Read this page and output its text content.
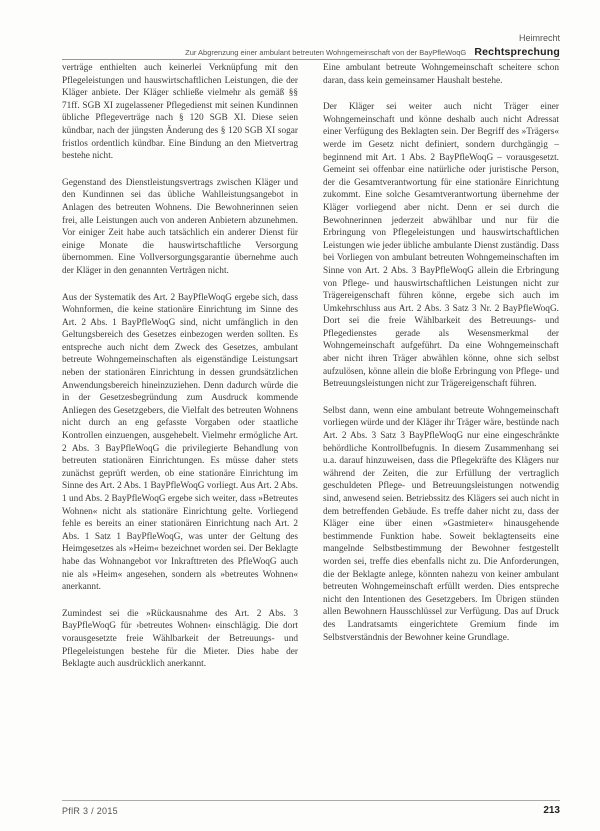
Heimrecht
Zur Abgrenzung einer ambulant betreuten Wohngemeinschaft von der BayPfleWoqG Rechtsprechung

verträge enthielten auch keinerlei Verknüpfung mit den Pflegeleistungen und hauswirtschaftlichen Leistungen, die der Kläger anbiete. Der Kläger schließe vielmehr als gemäß §§ 71ff. SGB XI zugelassener Pflegedienst mit seinen Kundinnen übliche Pflegeverträge nach § 120 SGB XI. Diese seien kündbar, nach der jüngsten Änderung des § 120 SGB XI sogar fristlos ordentlich kündbar. Eine Bindung an den Mietvertrag bestehe nicht.

Gegenstand des Dienstleistungsvertrags zwischen Kläger und den Kundinnen sei das übliche Wahlleistungsangebot in Anlagen des betreuten Wohnens. Die Bewohnerinnen seien frei, alle Leistungen auch von anderen Anbietern abzunehmen. Vor einiger Zeit habe auch tatsächlich ein anderer Dienst für einige Monate die hauswirtschaftliche Versorgung übernommen. Eine Vollversorgungsgarantie übernehme auch der Kläger in den genannten Verträgen nicht.

Aus der Systematik des Art. 2 BayPfleWoqG ergebe sich, dass Wohnformen, die keine stationäre Einrichtung im Sinne des Art. 2 Abs. 1 BayPfleWoqG sind, nicht umfänglich in den Geltungsbereich des Gesetzes einbezogen werden sollten. Es entspreche auch nicht dem Zweck des Gesetzes, ambulant betreute Wohngemeinschaften als eigenständige Leistungsart neben der stationären Einrichtung in dessen grundsätzlichen Anwendungsbereich hineinzuziehen. Denn dadurch würde die in der Gesetzesbegründung zum Ausdruck kommende Anliegen des Gesetzgebers, die Vielfalt des betreuten Wohnens nicht durch an eng gefasste Vorgaben oder staatliche Kontrollen einzuengen, ausgehebelt. Vielmehr ermögliche Art. 2 Abs. 3 BayPfleWoqG die privilegierte Behandlung von betreuten stationären Einrichtungen. Es müsse daher stets zunächst geprüft werden, ob eine stationäre Einrichtung im Sinne des Art. 2 Abs. 1 BayPfleWoqG vorliegt. Aus Art. 2 Abs. 1 und Abs. 2 BayPfleWoqG ergebe sich weiter, dass »Betreutes Wohnen« nicht als stationäre Einrichtung gelte. Vorliegend fehle es bereits an einer stationären Einrichtung nach Art. 2 Abs. 1 Satz 1 BayPfleWoqG, was unter der Geltung des Heimgesetzes als »Heim« bezeichnet worden sei. Der Beklagte habe das Wohnangebot vor Inkrafttreten des PfleWoqG auch nie als »Heim« angesehen, sondern als »betreutes Wohnen« anerkannt.

Zumindest sei die »Rückausnahme des Art. 2 Abs. 3 BayPfleWoqG für ›betreutes Wohnen‹ einschlägig. Die dort vorausgesetzte freie Wählbarkeit der Betreuungs- und Pflegeleistungen bestehe für die Mieter. Dies habe der Beklagte auch ausdrücklich anerkannt.

Eine ambulant betreute Wohngemeinschaft scheitere schon daran, dass kein gemeinsamer Haushalt bestehe.

Der Kläger sei weiter auch nicht Träger einer Wohngemeinschaft und könne deshalb auch nicht Adressat einer Verfügung des Beklagten sein. Der Begriff des »Trägers« werde im Gesetz nicht definiert, sondern durchgängig – beginnend mit Art. 1 Abs. 2 BayPfleWoqG – vorausgesetzt. Gemeint sei offenbar eine natürliche oder juristische Person, der die Gesamtverantwortung für eine stationäre Einrichtung zukommt. Eine solche Gesamtverantwortung übernehme der Kläger vorliegend aber nicht. Denn er sei durch die Bewohnerinnen jederzeit abwählbar und nur für die Erbringung von Pflegeleistungen und hauswirtschaftlichen Leistungen wie jeder übliche ambulante Dienst zuständig. Dass bei Vorliegen von ambulant betreuten Wohngemeinschaften im Sinne von Art. 2 Abs. 3 BayPfleWoqG allein die Erbringung von Pflege- und hauswirtschaftlichen Leistungen nicht zur Trägereigenschaft führen könne, ergebe sich auch im Umkehrschluss aus Art. 2 Abs. 3 Satz 3 Nr. 2 BayPfleWoqG. Dort sei die freie Wählbarkeit des Betreuungs- und Pflegedienstes gerade als Wesensmerkmal der Wohngemeinschaft aufgeführt. Da eine Wohngemeinschaft aber nicht ihren Träger abwählen könne, ohne sich selbst aufzulösen, könne allein die bloße Erbringung von Pflege- und Betreuungsleistungen nicht zur Trägereigenschaft führen.

Selbst dann, wenn eine ambulant betreute Wohngemeinschaft vorliegen würde und der Kläger ihr Träger wäre, bestünde nach Art. 2 Abs. 3 Satz 3 BayPfleWoqG nur eine eingeschränkte behördliche Kontrollbefugnis. In diesem Zusammenhang sei u.a. darauf hinzuweisen, dass die Pflegekräfte des Klägers nur während der Zeiten, die zur Erfüllung der vertraglich geschuldeten Pflege- und Betreuungsleistungen notwendig sind, anwesend seien. Betriebssitz des Klägers sei auch nicht in dem betreffenden Gebäude. Es treffe daher nicht zu, dass der Kläger eine über einen »Gastmieter« hinausgehende bestimmende Funktion habe. Soweit beklagtenseits eine mangelnde Selbstbestimmung der Bewohner festgestellt worden sei, treffe dies ebenfalls nicht zu. Die Anforderungen, die der Beklagte anlege, könnten nahezu von keiner ambulant betreuten Wohngemeinschaft erfüllt werden. Dies entspreche nicht den Intentionen des Gesetzgebers. Im Übrigen stünden allen Bewohnern Hausschlüssel zur Verfügung. Das auf Druck des Landratsamts eingerichtete Gremium finde im Selbstverständnis der Bewohner keine Grundlage.

PflR 3 / 2015	213
